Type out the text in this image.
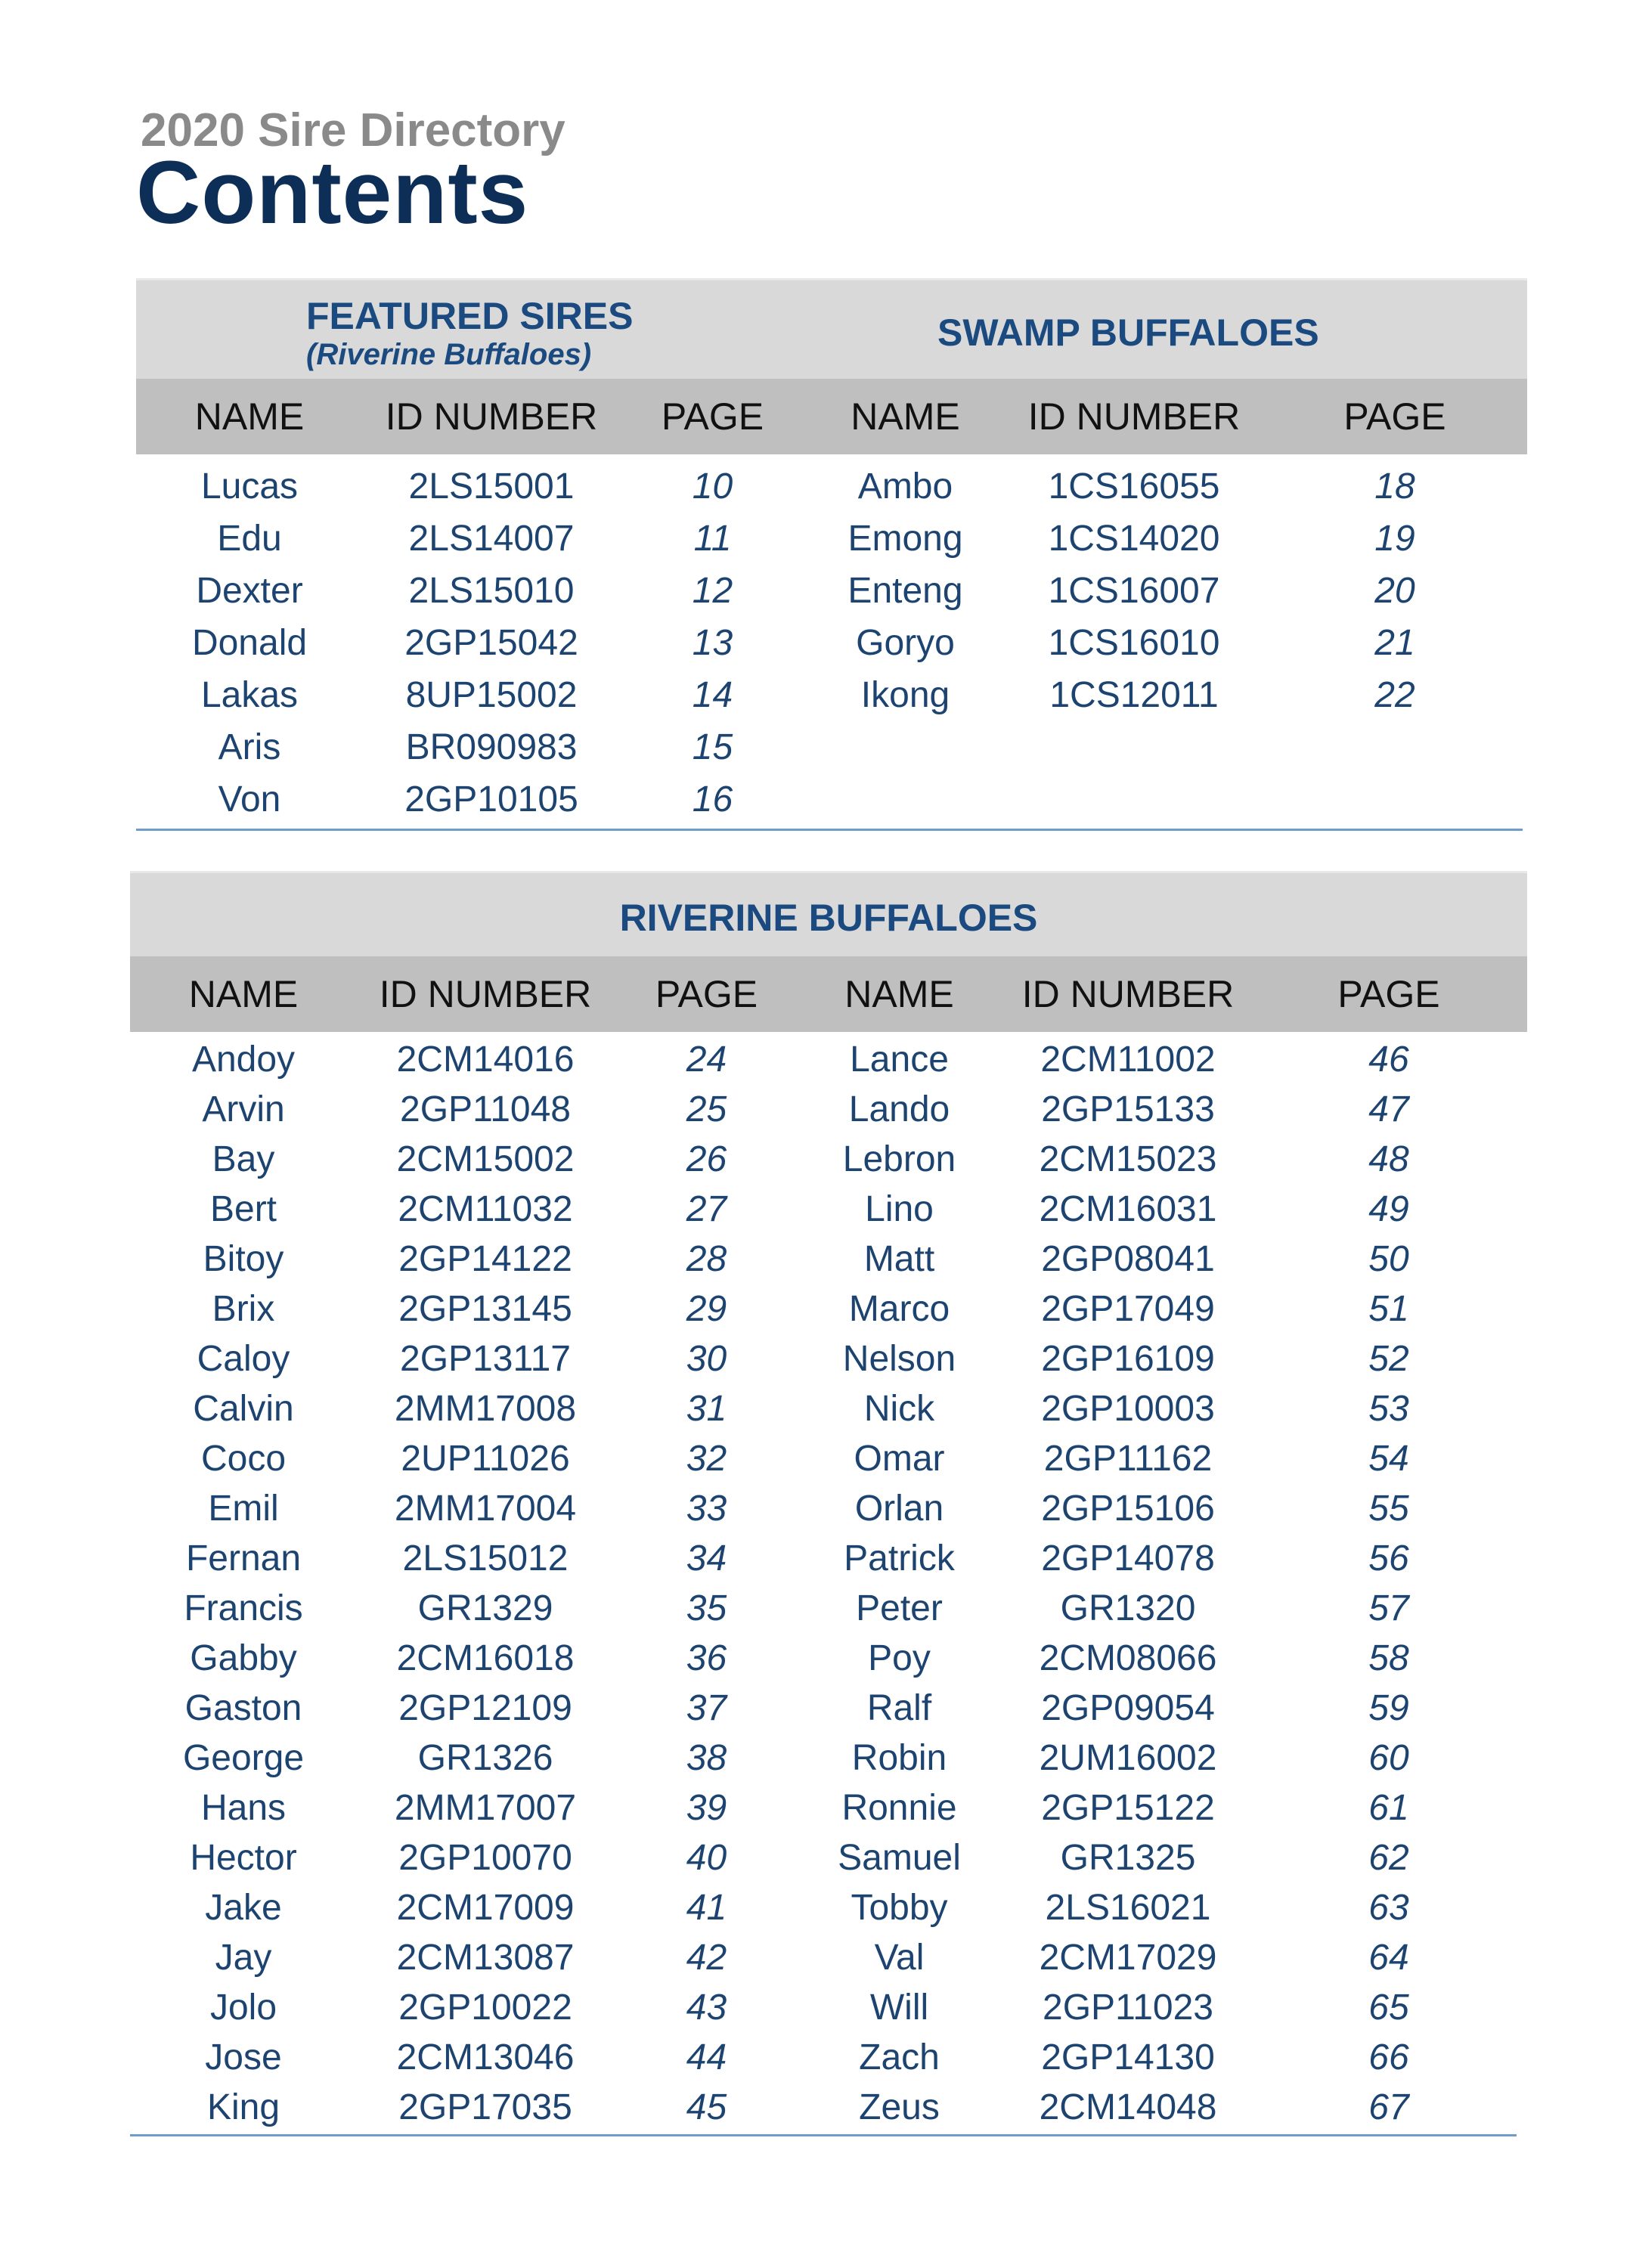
2020 Sire Directory
Contents
FEATURED SIRES
(Riverine Buffaloes)
SWAMP BUFFALOES
NAME	ID NUMBER	PAGE	NAME	ID NUMBER	PAGE
Lucas	2LS15001	10	Ambo	1CS16055	18
Edu	2LS14007	11	Emong	1CS14020	19
Dexter	2LS15010	12	Enteng	1CS16007	20
Donald	2GP15042	13	Goryo	1CS16010	21
Lakas	8UP15002	14	Ikong	1CS12011	22
Aris	BR090983	15
Von	2GP10105	16
RIVERINE BUFFALOES
NAME	ID NUMBER	PAGE	NAME	ID NUMBER	PAGE
Andoy	2CM14016	24	Lance	2CM11002	46
Arvin	2GP11048	25	Lando	2GP15133	47
Bay	2CM15002	26	Lebron	2CM15023	48
Bert	2CM11032	27	Lino	2CM16031	49
Bitoy	2GP14122	28	Matt	2GP08041	50
Brix	2GP13145	29	Marco	2GP17049	51
Caloy	2GP13117	30	Nelson	2GP16109	52
Calvin	2MM17008	31	Nick	2GP10003	53
Coco	2UP11026	32	Omar	2GP11162	54
Emil	2MM17004	33	Orlan	2GP15106	55
Fernan	2LS15012	34	Patrick	2GP14078	56
Francis	GR1329	35	Peter	GR1320	57
Gabby	2CM16018	36	Poy	2CM08066	58
Gaston	2GP12109	37	Ralf	2GP09054	59
George	GR1326	38	Robin	2UM16002	60
Hans	2MM17007	39	Ronnie	2GP15122	61
Hector	2GP10070	40	Samuel	GR1325	62
Jake	2CM17009	41	Tobby	2LS16021	63
Jay	2CM13087	42	Val	2CM17029	64
Jolo	2GP10022	43	Will	2GP11023	65
Jose	2CM13046	44	Zach	2GP14130	66
King	2GP17035	45	Zeus	2CM14048	67
